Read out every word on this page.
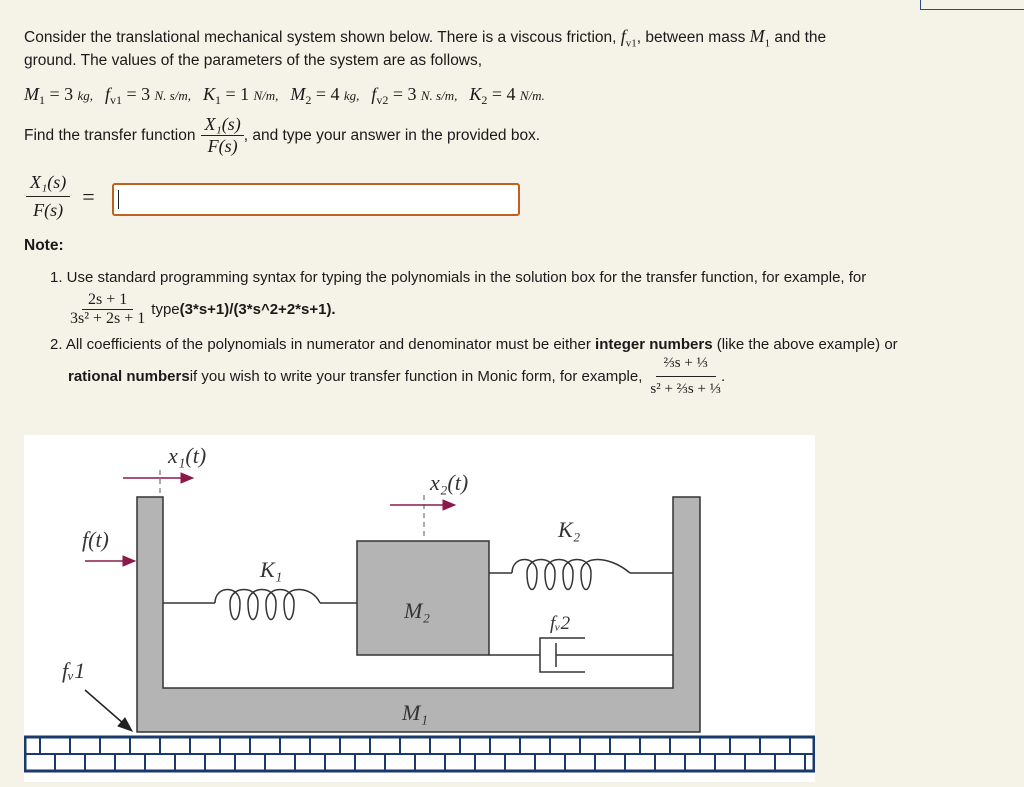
Consider the translational mechanical system shown below. There is a viscous friction, $f_{v1}$, between mass $M_1$ and the
ground. The values of the parameters of the system are as follows,
$M_1 = 3$ kg, $f_{v1} = 3$ N. s/m, $K_1 = 1$ N/m, $M_2 = 4$ kg, $f_{v2} = 3$ N. s/m, $K_2 = 4$ N/m.
Find the transfer function $\frac{\text{X₁(s)}}{F(s)}$ , and type your answer in the provided box.
$\frac{\text{X₁(s)}}{F(s)}$ =
Note:
1. Use standard programming syntax for typing the polynomials in the solution box for the transfer function, for example, for
$\frac{2s + 1}{\text{3s² + 2s + 1}}$ type (3*s+1)/(3*s^2+2*s+1).
2. All coefficients of the polynomials in numerator and denominator must be either integer numbers (like the above example) or
rational numbers if you wish to write your transfer function in Monic form, for example, $\frac{\text{⅔s + ⅓}}{\text{s² + ⅔s + ⅓}}$ .
x₁(t)
x₂(t)
f(t)
K₁
K₂
M₂
fᵥ2
fᵥ1
M₁
